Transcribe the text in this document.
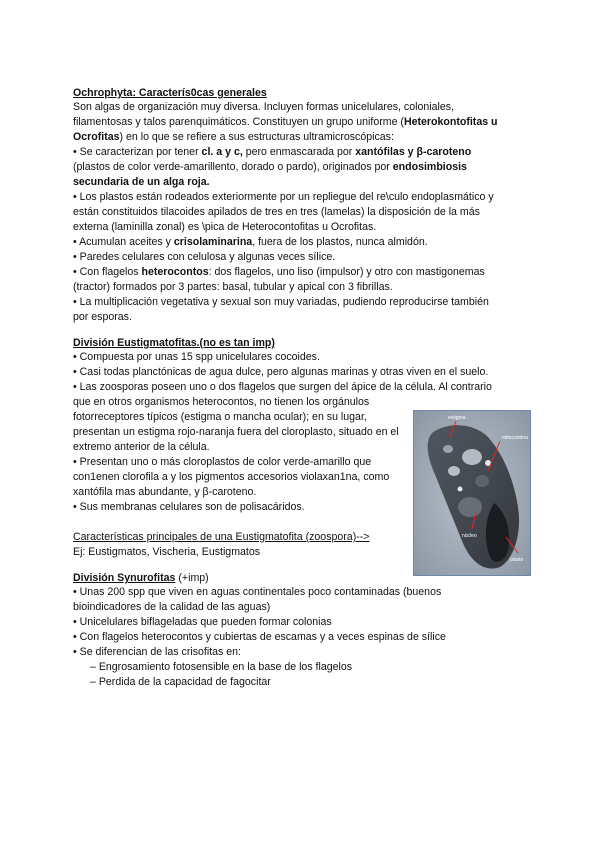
Ochrophyta: Caracterís0cas generales
Son algas de organización muy diversa. Incluyen formas unicelulares, coloniales,
filamentosas y talos parenquimáticos. Constituyen un grupo uniforme (Heterokontofitas u
Ocrofitas) en lo que se refiere a sus estructuras ultramicroscópicas:
• Se caracterizan por tener cl. a y c, pero enmascarada por xantófilas y β-caroteno
(plastos de color verde-amarillento, dorado o pardo), originados por endosimbiosis
secundaria de un alga roja.
• Los plastos están rodeados exteriormente por un repliegue del re\culo endoplasmático y
están constituidos tilacoides apilados de tres en tres (lamelas) la disposición de la más
externa (laminilla zonal) es \pica de Heterocontofitas u Ocrofitas.
• Acumulan aceites y crisolaminarina, fuera de los plastos, nunca almidón.
• Paredes celulares con celulosa y algunas veces sílice.
• Con flagelos heterocontos: dos flagelos, uno liso (impulsor) y otro con mastigonemas
(tractor) formados por 3 partes: basal, tubular y apical con 3 fibrillas.
• La multiplicación vegetativa y sexual son muy variadas, pudiendo reproducirse también
por esporas.
División Eustigmatofitas.(no es tan imp)
• Compuesta por unas 15 spp unicelulares cocoides.
• Casi todas planctónicas de agua dulce, pero algunas marinas y otras viven en el suelo.
• Las zoosporas poseen uno o dos flagelos que surgen del ápice de la célula. Al contrario
que en otros organismos heterocontos, no tienen los orgánulos
fotorreceptores típicos (estigma o mancha ocular); en su lugar,
presentan un estigma rojo-naranja fuera del cloroplasto, situado en el
extremo anterior de la célula.
• Presentan uno o más cloroplastos de color verde-amarillo que
con1enen clorofila a y los pigmentos accesorios violaxan1na, como
xantófila mas abundante, y β-caroteno.
• Sus membranas celulares son de polisacáridos.
Características principales de una Eustigmatofita (zoospora)-->
Ej: Eustigmatos, Vischeria, Eustigmatos
estigma
mitocondria
núcleo
plasto
División Synurofitas (+imp)
• Unas 200 spp que viven en aguas continentales poco contaminadas (buenos
bioindicadores de la calidad de las aguas)
• Unicelulares biflageladas que pueden formar colonias
• Con flagelos heterocontos y cubiertas de escamas y a veces espinas de sílice
• Se diferencian de las crisofitas en:
– Engrosamiento fotosensible en la base de los flagelos
– Perdida de la capacidad de fagocitar
